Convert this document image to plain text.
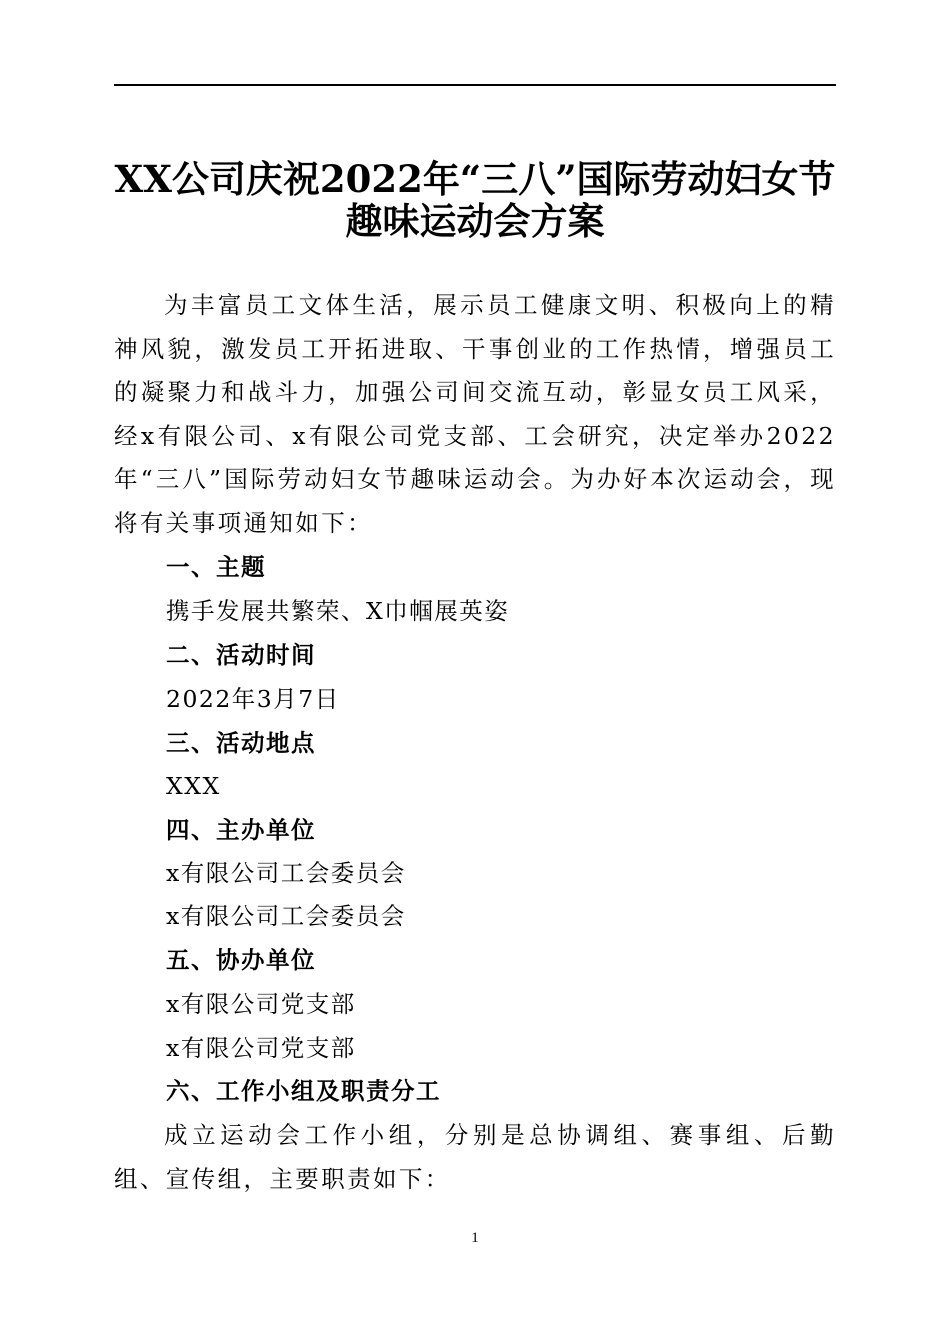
XX公司庆祝2022年“三八”国际劳动妇女节
趣味运动会方案
为丰富员工文体生活，展示员工健康文明、积极向上的精神风貌，激发员工开拓进取、干事创业的工作热情，增强员工的凝聚力和战斗力，加强公司间交流互动，彰显女员工风采，经x有限公司、x有限公司党支部、工会研究，决定举办2022年“三八”国际劳动妇女节趣味运动会。为办好本次运动会，现将有关事项通知如下：
一、主题
携手发展共繁荣、X巾帼展英姿
二、活动时间
2022年3月7日
三、活动地点
XXX
四、主办单位
x有限公司工会委员会
x有限公司工会委员会
五、协办单位
x有限公司党支部
x有限公司党支部
六、工作小组及职责分工
成立运动会工作小组，分别是总协调组、赛事组、后勤组、宣传组，主要职责如下：
1
